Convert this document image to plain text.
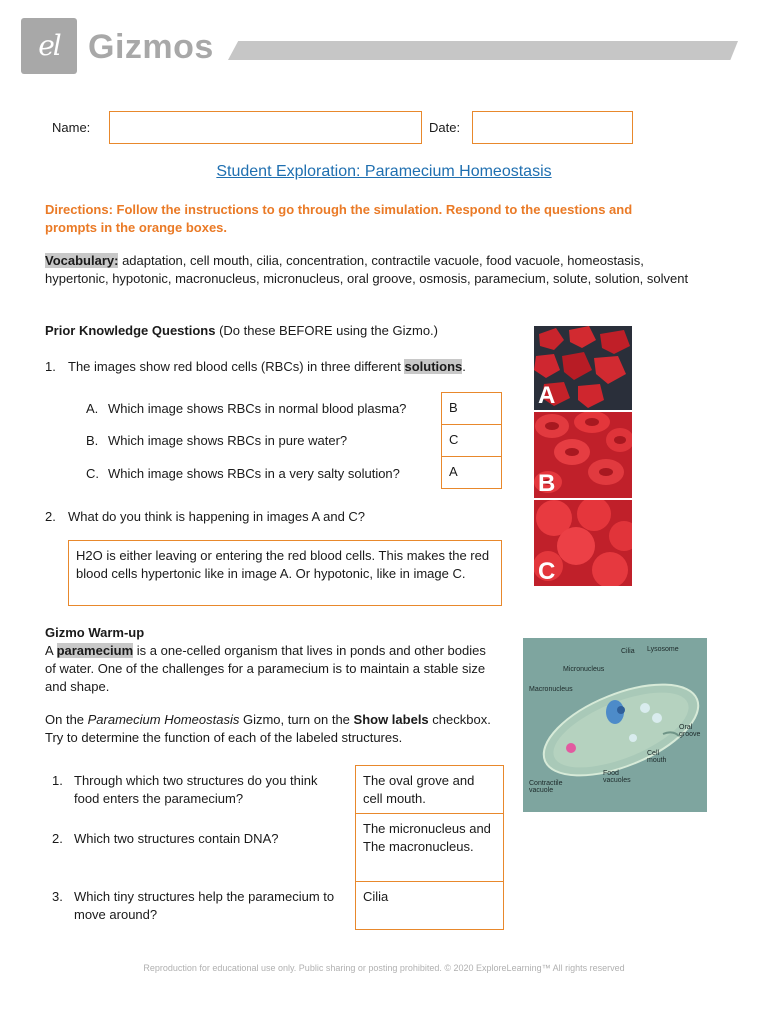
el Gizmos
Name:	Date:
Student Exploration: Paramecium Homeostasis
Directions: Follow the instructions to go through the simulation. Respond to the questions and prompts in the orange boxes.
Vocabulary: adaptation, cell mouth, cilia, concentration, contractile vacuole, food vacuole, homeostasis, hypertonic, hypotonic, macronucleus, micronucleus, oral groove, osmosis, paramecium, solute, solution, solvent
Prior Knowledge Questions (Do these BEFORE using the Gizmo.)
1. The images show red blood cells (RBCs) in three different solutions.
A. Which image shows RBCs in normal blood plasma?
B. Which image shows RBCs in pure water?
C. Which image shows RBCs in a very salty solution?
B
C
A
2. What do you think is happening in images A and C?
H2O is either leaving or entering the red blood cells. This makes the red blood cells hypertonic like in image A. Or hypotonic, like in image C.
A
B
C
Gizmo Warm-up
A paramecium is a one-celled organism that lives in ponds and other bodies of water. One of the challenges for a paramecium is to maintain a stable size and shape.
On the Paramecium Homeostasis Gizmo, turn on the Show labels checkbox. Try to determine the function of each of the labeled structures.
1. Through which two structures do you think food enters the paramecium?
2. Which two structures contain DNA?
3. Which tiny structures help the paramecium to move around?
The oval grove and cell mouth.
The micronucleus and The macronucleus.
Cilia
Cilia Lysosome
Micronucleus
Macronucleus
Oral groove
Cell mouth
Food vacuoles
Contractile vacuole
Reproduction for educational use only. Public sharing or posting prohibited. © 2020 ExploreLearning™ All rights reserved
